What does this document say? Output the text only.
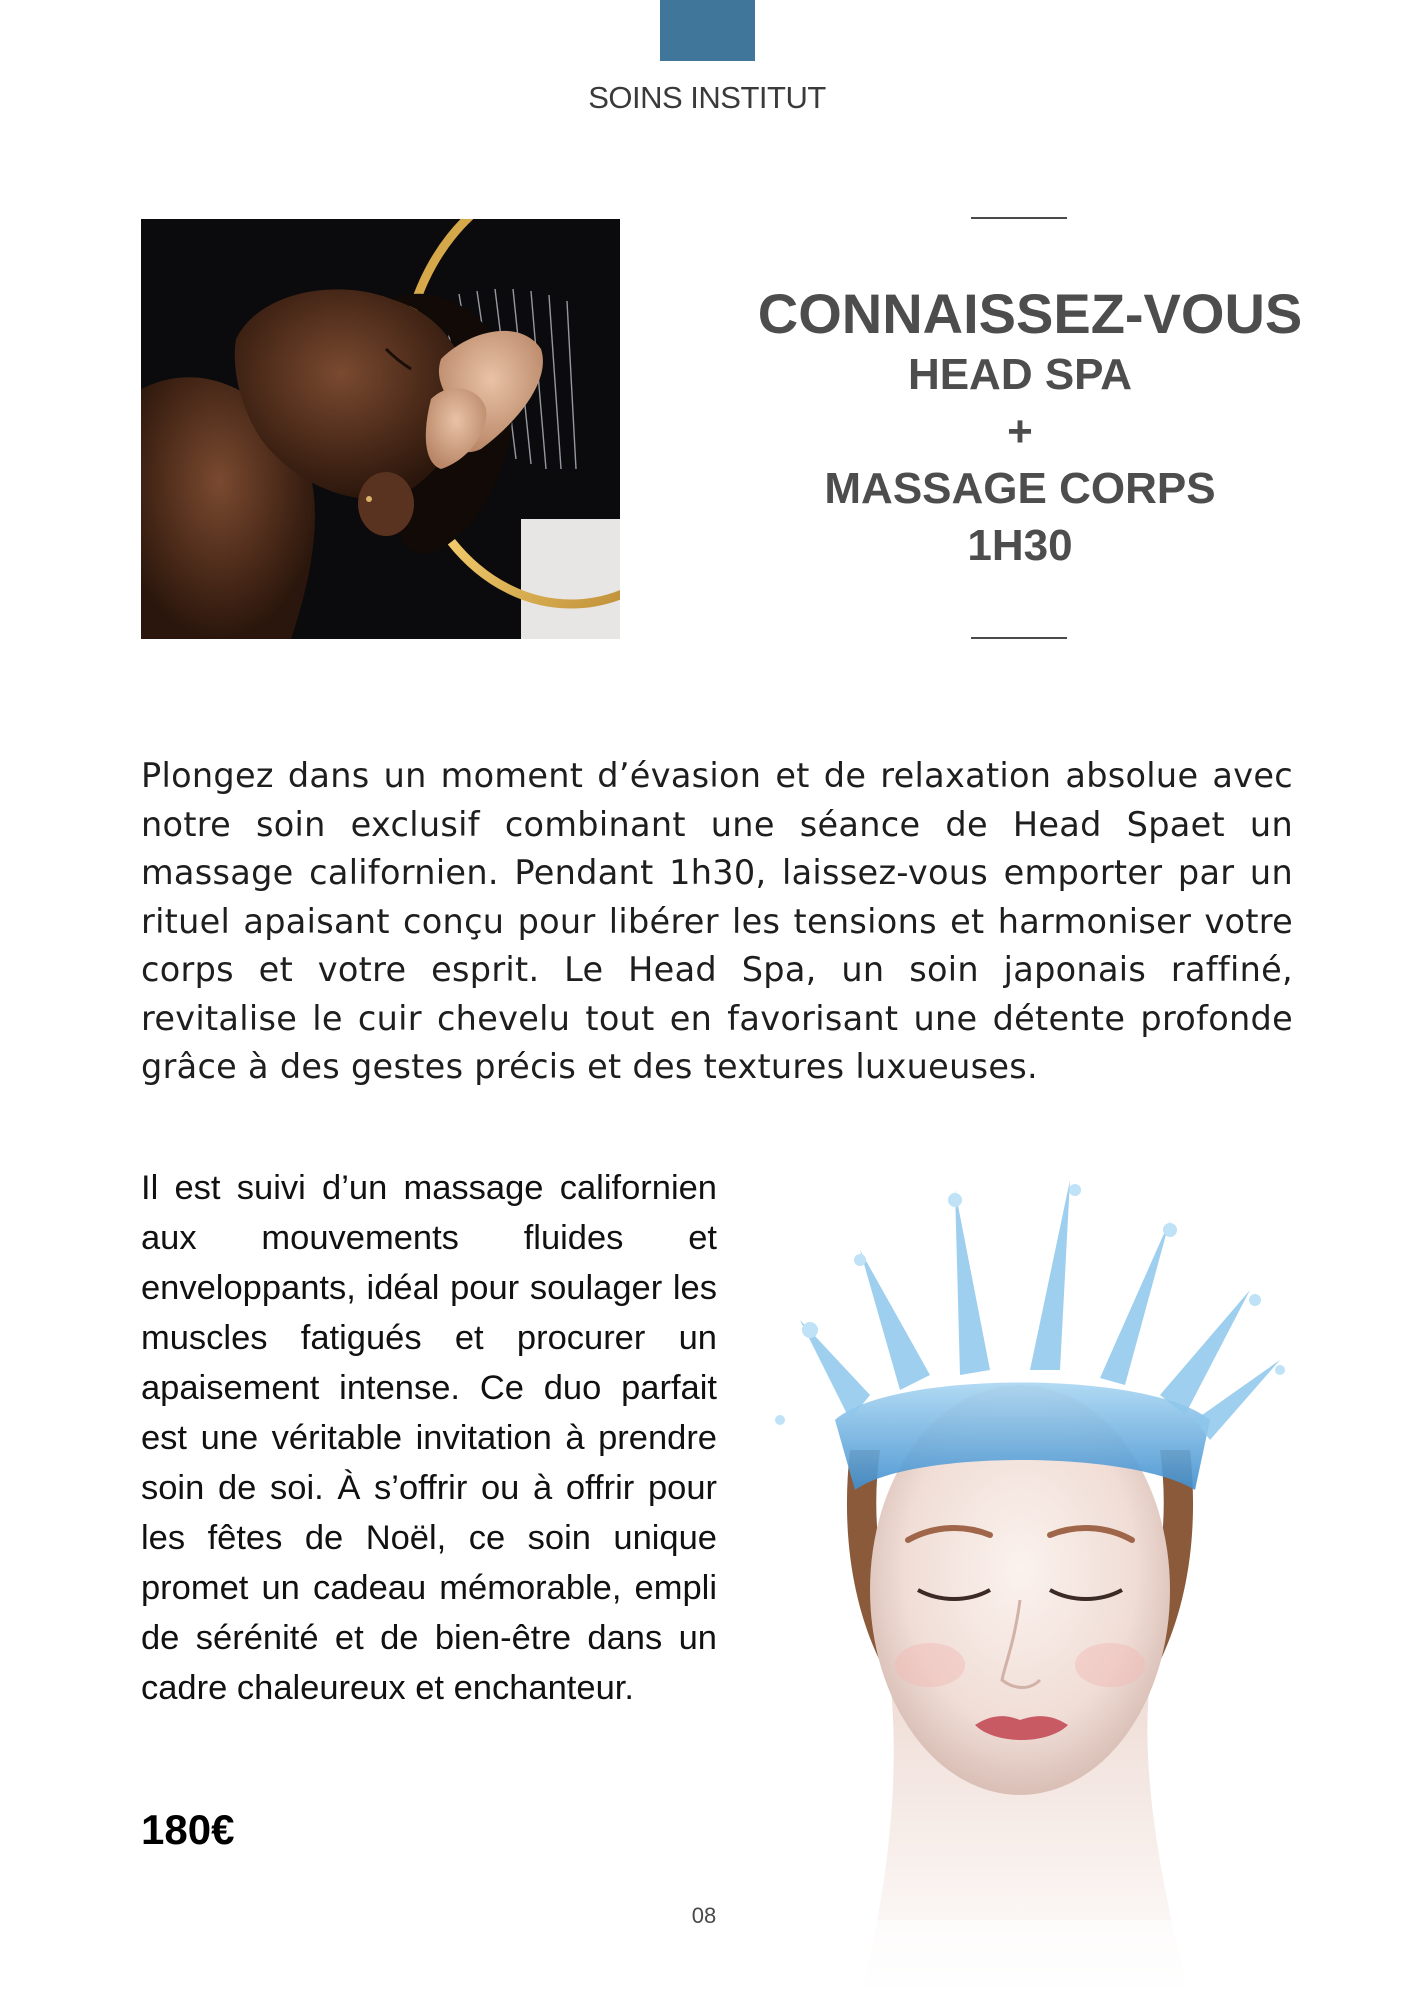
SOINS INSTITUT
CONNAISSEZ-VOUS
HEAD SPA
+
MASSAGE CORPS
1H30
Plongez dans un moment d’évasion et de relaxation absolue avec notre soin exclusif combinant une séance de Head Spaet un massage californien. Pendant 1h30, laissez-vous emporter par un rituel apaisant conçu pour libérer les tensions et harmoniser votre corps et votre esprit. Le Head Spa, un soin japonais raffiné, revitalise le cuir chevelu tout en favorisant une détente profonde grâce à des gestes précis et des textures luxueuses.
Il est suivi d’un massage californien aux mouvements fluides et enveloppants, idéal pour soulager les muscles fatigués et procurer un apaisement intense. Ce duo parfait est une véritable invitation à prendre soin de soi. À s’offrir ou à offrir pour les fêtes de Noël, ce soin unique promet un cadeau mémorable, empli de sérénité et de bien-être dans un cadre chaleureux et enchanteur.
180€
08
